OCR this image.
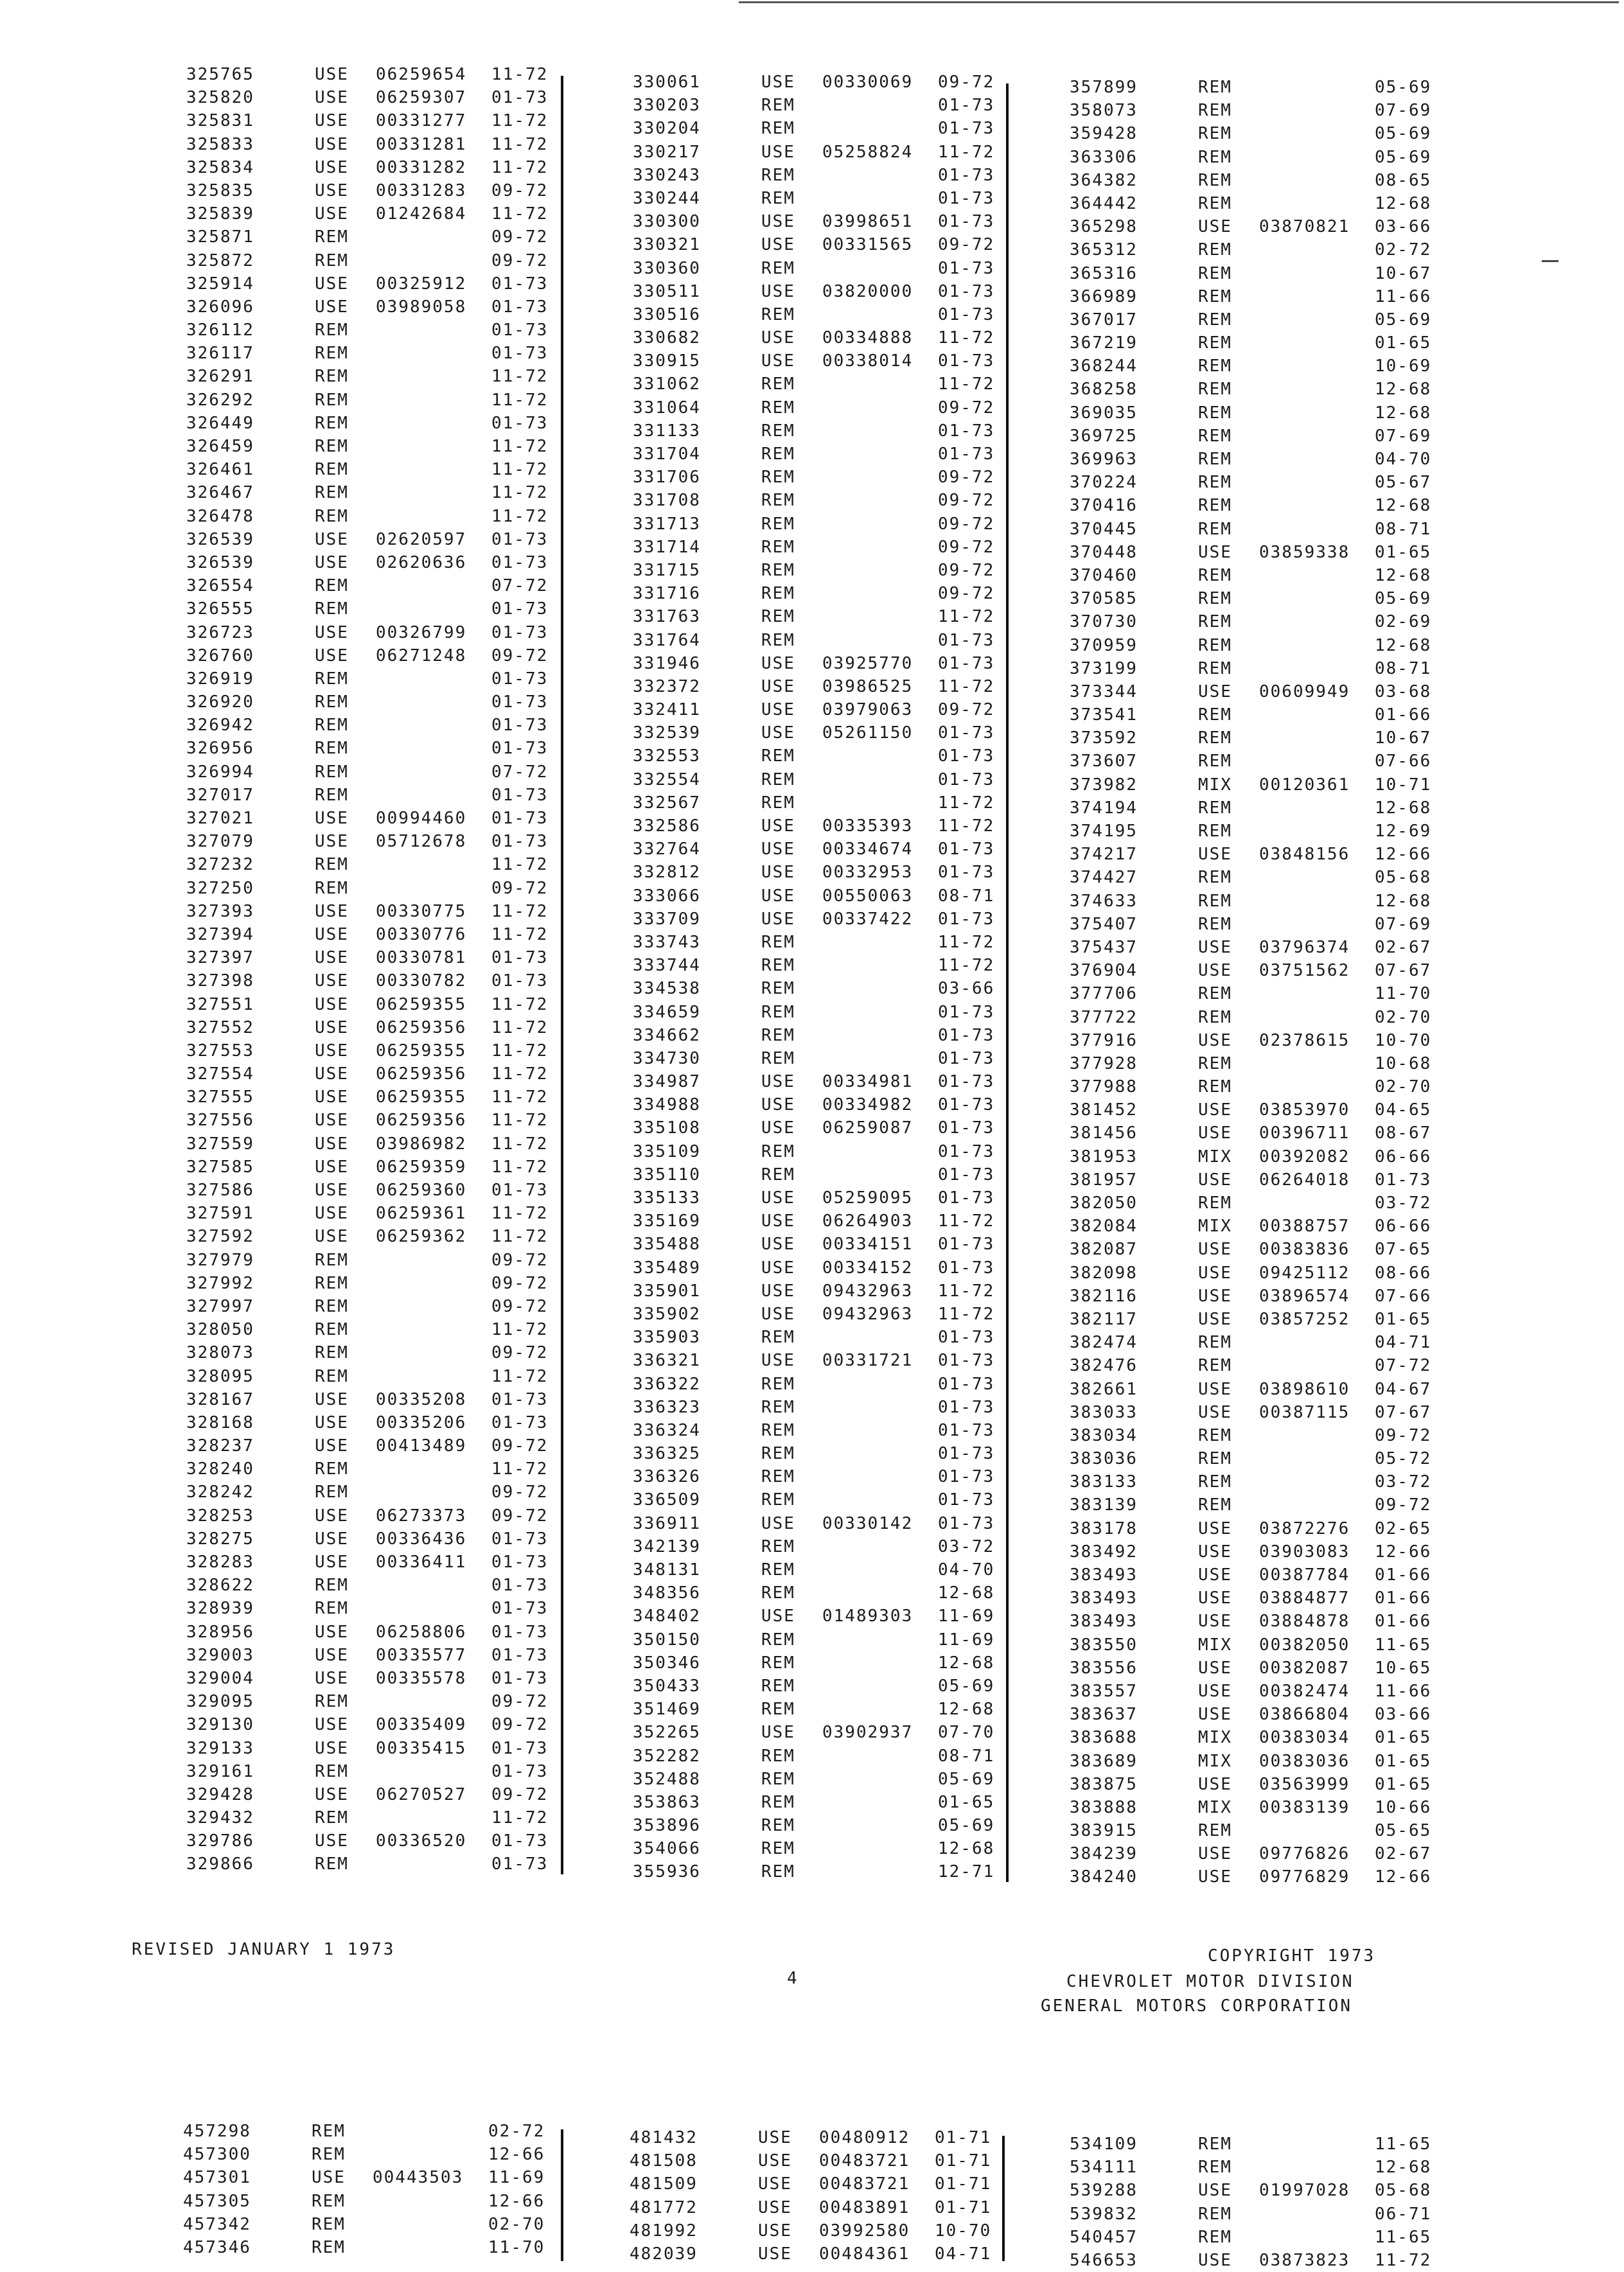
325765	USE 06259654 11-72
325820	USE 06259307 01-73
325831	USE 00331277 11-72
325833	USE 00331281 11-72
325834	USE 00331282 11-72
325835	USE 00331283 09-72
325839	USE 01242684 11-72
325871	REM	09-72
325872	REM	09-72
325914	USE 00325912 01-73
326096	USE 03989058 01-73
326112	REM	01-73
326117	REM	01-73
326291	REM	11-72
326292	REM	11-72
326449	REM	01-73
326459	REM	11-72
326461	REM	11-72
326467	REM	11-72
326478	REM	11-72
326539	USE 02620597 01-73
326539	USE 02620636 01-73
326554	REM	07-72
326555	REM	01-73
326723	USE 00326799 01-73
326760	USE 06271248 09-72
326919	REM	01-73
326920	REM	01-73
326942	REM	01-73
326956	REM	01-73
326994	REM	07-72
327017	REM	01-73
327021	USE 00994460 01-73
327079	USE 05712678 01-73
327232	REM	11-72
327250	REM	09-72
327393	USE 00330775 11-72
327394	USE 00330776 11-72
327397	USE 00330781 01-73
327398	USE 00330782 01-73
327551	USE 06259355 11-72
327552	USE 06259356 11-72
327553	USE 06259355 11-72
327554	USE 06259356 11-72
327555	USE 06259355 11-72
327556	USE 06259356 11-72
327559	USE 03986982 11-72
327585	USE 06259359 11-72
327586	USE 06259360 01-73
327591	USE 06259361 11-72
327592	USE 06259362 11-72
327979	REM	09-72
327992	REM	09-72
327997	REM	09-72
328050	REM	11-72
328073	REM	09-72
328095	REM	11-72
328167	USE 00335208 01-73
328168	USE 00335206 01-73
328237	USE 00413489 09-72
328240	REM	11-72
328242	REM	09-72
328253	USE 06273373 09-72
328275	USE 00336436 01-73
328283	USE 00336411 01-73
328622	REM	01-73
328939	REM	01-73
328956	USE 06258806 01-73
329003	USE 00335577 01-73
329004	USE 00335578 01-73
329095	REM	09-72
329130	USE 00335409 09-72
329133	USE 00335415 01-73
329161	REM	01-73
329428	USE 06270527 09-72
329432	REM	11-72
329786	USE 00336520 01-73
329866	REM	01-73
330061	USE 00330069 09-72
330203	REM	01-73
330204	REM	01-73
330217	USE 05258824 11-72
330243	REM	01-73
330244	REM	01-73
330300	USE 03998651 01-73
330321	USE 00331565 09-72
330360	REM	01-73
330511	USE 03820000 01-73
330516	REM	01-73
330682	USE 00334888 11-72
330915	USE 00338014 01-73
331062	REM	11-72
331064	REM	09-72
331133	REM	01-73
331704	REM	01-73
331706	REM	09-72
331708	REM	09-72
331713	REM	09-72
331714	REM	09-72
331715	REM	09-72
331716	REM	09-72
331763	REM	11-72
331764	REM	01-73
331946	USE 03925770 01-73
332372	USE 03986525 11-72
332411	USE 03979063 09-72
332539	USE 05261150 01-73
332553	REM	01-73
332554	REM	01-73
332567	REM	11-72
332586	USE 00335393 11-72
332764	USE 00334674 01-73
332812	USE 00332953 01-73
333066	USE 00550063 08-71
333709	USE 00337422 01-73
333743	REM	11-72
333744	REM	11-72
334538	REM	03-66
334659	REM	01-73
334662	REM	01-73
334730	REM	01-73
334987	USE 00334981 01-73
334988	USE 00334982 01-73
335108	USE 06259087 01-73
335109	REM	01-73
335110	REM	01-73
335133	USE 05259095 01-73
335169	USE 06264903 11-72
335488	USE 00334151 01-73
335489	USE 00334152 01-73
335901	USE 09432963 11-72
335902	USE 09432963 11-72
335903	REM	01-73
336321	USE 00331721 01-73
336322	REM	01-73
336323	REM	01-73
336324	REM	01-73
336325	REM	01-73
336326	REM	01-73
336509	REM	01-73
336911	USE 00330142 01-73
342139	REM	03-72
348131	REM	04-70
348356	REM	12-68
348402	USE 01489303 11-69
350150	REM	11-69
350346	REM	12-68
350433	REM	05-69
351469	REM	12-68
352265	USE 03902937 07-70
352282	REM	08-71
352488	REM	05-69
353863	REM	01-65
353896	REM	05-69
354066	REM	12-68
355936	REM	12-71
357899	REM	05-69
358073	REM	07-69
359428	REM	05-69
363306	REM	05-69
364382	REM	08-65
364442	REM	12-68
365298	USE 03870821 03-66
365312	REM	02-72
365316	REM	10-67
366989	REM	11-66
367017	REM	05-69
367219	REM	01-65
368244	REM	10-69
368258	REM	12-68
369035	REM	12-68
369725	REM	07-69
369963	REM	04-70
370224	REM	05-67
370416	REM	12-68
370445	REM	08-71
370448	USE 03859338 01-65
370460	REM	12-68
370585	REM	05-69
370730	REM	02-69
370959	REM	12-68
373199	REM	08-71
373344	USE 00609949 03-68
373541	REM	01-66
373592	REM	10-67
373607	REM	07-66
373982	MIX 00120361 10-71
374194	REM	12-68
374195	REM	12-69
374217	USE 03848156 12-66
374427	REM	05-68
374633	REM	12-68
375407	REM	07-69
375437	USE 03796374 02-67
376904	USE 03751562 07-67
377706	REM	11-70
377722	REM	02-70
377916	USE 02378615 10-70
377928	REM	10-68
377988	REM	02-70
381452	USE 03853970 04-65
381456	USE 00396711 08-67
381953	MIX 00392082 06-66
381957	USE 06264018 01-73
382050	REM	03-72
382084	MIX 00388757 06-66
382087	USE 00383836 07-65
382098	USE 09425112 08-66
382116	USE 03896574 07-66
382117	USE 03857252 01-65
382474	REM	04-71
382476	REM	07-72
382661	USE 03898610 04-67
383033	USE 00387115 07-67
383034	REM	09-72
383036	REM	05-72
383133	REM	03-72
383139	REM	09-72
383178	USE 03872276 02-65
383492	USE 03903083 12-66
383493	USE 00387784 01-66
383493	USE 03884877 01-66
383493	USE 03884878 01-66
383550	MIX 00382050 11-65
383556	USE 00382087 10-65
383557	USE 00382474 11-66
383637	USE 03866804 03-66
383688	MIX 00383034 01-65
383689	MIX 00383036 01-65
383875	USE 03563999 01-65
383888	MIX 00383139 10-66
383915	REM	05-65
384239	USE 09776826 02-67
384240	USE 09776829 12-66
REVISED JANUARY 1 1973
4
COPYRIGHT 1973
CHEVROLET MOTOR DIVISION
GENERAL MOTORS CORPORATION
457298	REM	02-72
457300	REM	12-66
457301	USE 00443503 11-69
457305	REM	12-66
457342	REM	02-70
457346	REM	11-70
481432	USE 00480912 01-71
481508	USE 00483721 01-71
481509	USE 00483721 01-71
481772	USE 00483891 01-71
481992	USE 03992580 10-70
482039	USE 00484361 04-71
534109	REM	11-65
534111	REM	12-68
539288	USE 01997028 05-68
539832	REM	06-71
540457	REM	11-65
546653	USE 03873823 11-72
